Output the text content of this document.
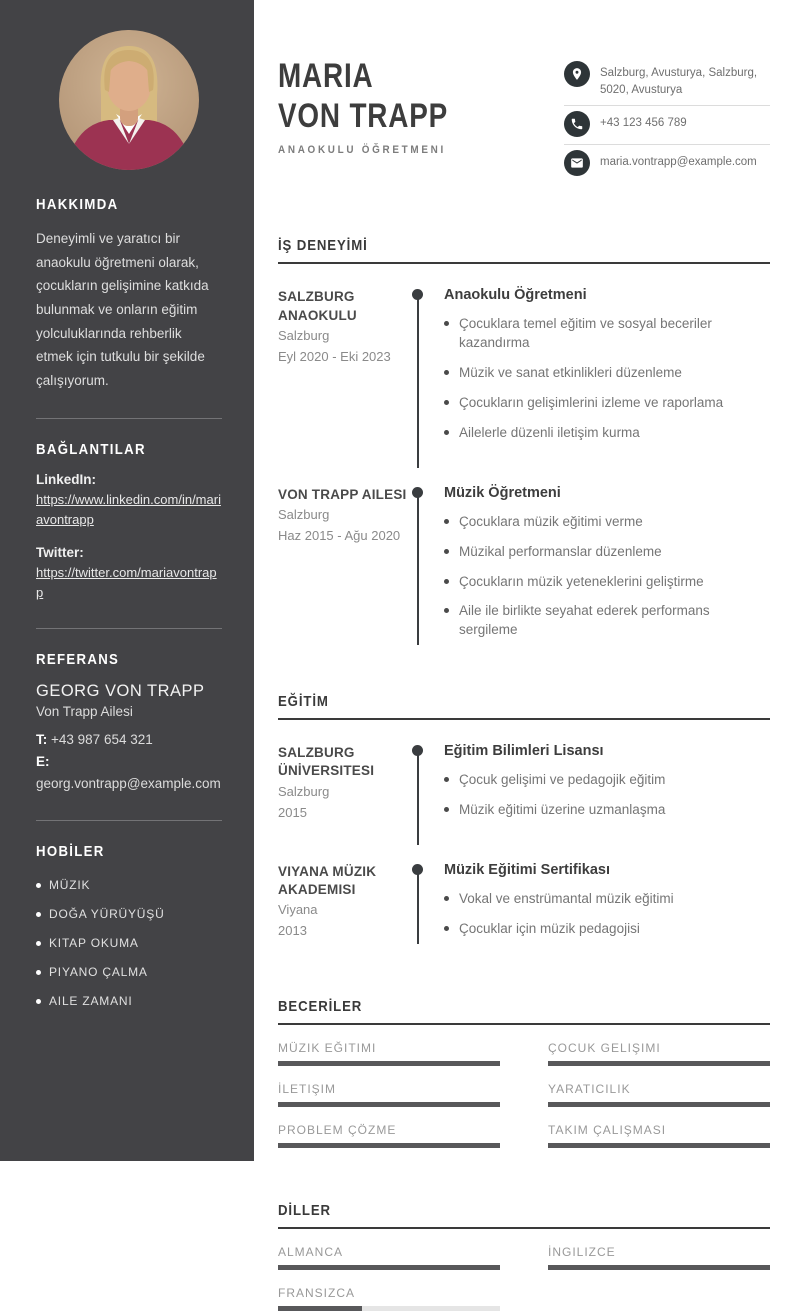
HAKKIMDA

Deneyimli ve yaratıcı bir anaokulu öğretmeni olarak, çocukların gelişimine katkıda bulunmak ve onların eğitim yolculuklarında rehberlik etmek için tutkulu bir şekilde çalışıyorum.

BAĞLANTILAR
LinkedIn:
https://www.linkedin.com/in/mariavontrapp
Twitter:
https://twitter.com/mariavontrapp
REFERANS
GEORG VON TRAPP
Von Trapp Ailesi
T: +43 987 654 321
E: georg.vontrapp@example.com
HOBİLER
MÜZIK
DOĞA YÜRÜYÜŞÜ
KITAP OKUMA
PIYANO ÇALMA
AILE ZAMANI
MARIA
VON TRAPP
ANAOKULU ÖĞRETMENI
Salzburg, Avusturya, Salzburg, 5020, Avusturya
+43 123 456 789
maria.vontrapp@example.com
İŞ DENEYİMİ
SALZBURG ANAOKULU
Salzburg
Eyl 2020 - Eki 2023
Anaokulu Öğretmeni
Çocuklara temel eğitim ve sosyal beceriler kazandırma
Müzik ve sanat etkinlikleri düzenleme
Çocukların gelişimlerini izleme ve raporlama
Ailelerle düzenli iletişim kurma
VON TRAPP AILESI
Salzburg
Haz 2015 - Ağu 2020
Müzik Öğretmeni
Çocuklara müzik eğitimi verme
Müzikal performanslar düzenleme
Çocukların müzik yeteneklerini geliştirme
Aile ile birlikte seyahat ederek performans sergileme
EĞİTİM
SALZBURG ÜNİVERSITESI
Salzburg
2015
Eğitim Bilimleri Lisansı
Çocuk gelişimi ve pedagojik eğitim
Müzik eğitimi üzerine uzmanlaşma
VIYANA MÜZIK AKADEMISI
Viyana
2013
Müzik Eğitimi Sertifikası
Vokal ve enstrümantal müzik eğitimi
Çocuklar için müzik pedagojisi
BECERİLER
MÜZIK EĞITIMI	ÇOCUK GELIŞIMI
İLETIŞIM	YARATICILIK
PROBLEM ÇÖZME	TAKIM ÇALIŞMASI
DİLLER
ALMANCA	İNGILIZCE
FRANSIZCA
